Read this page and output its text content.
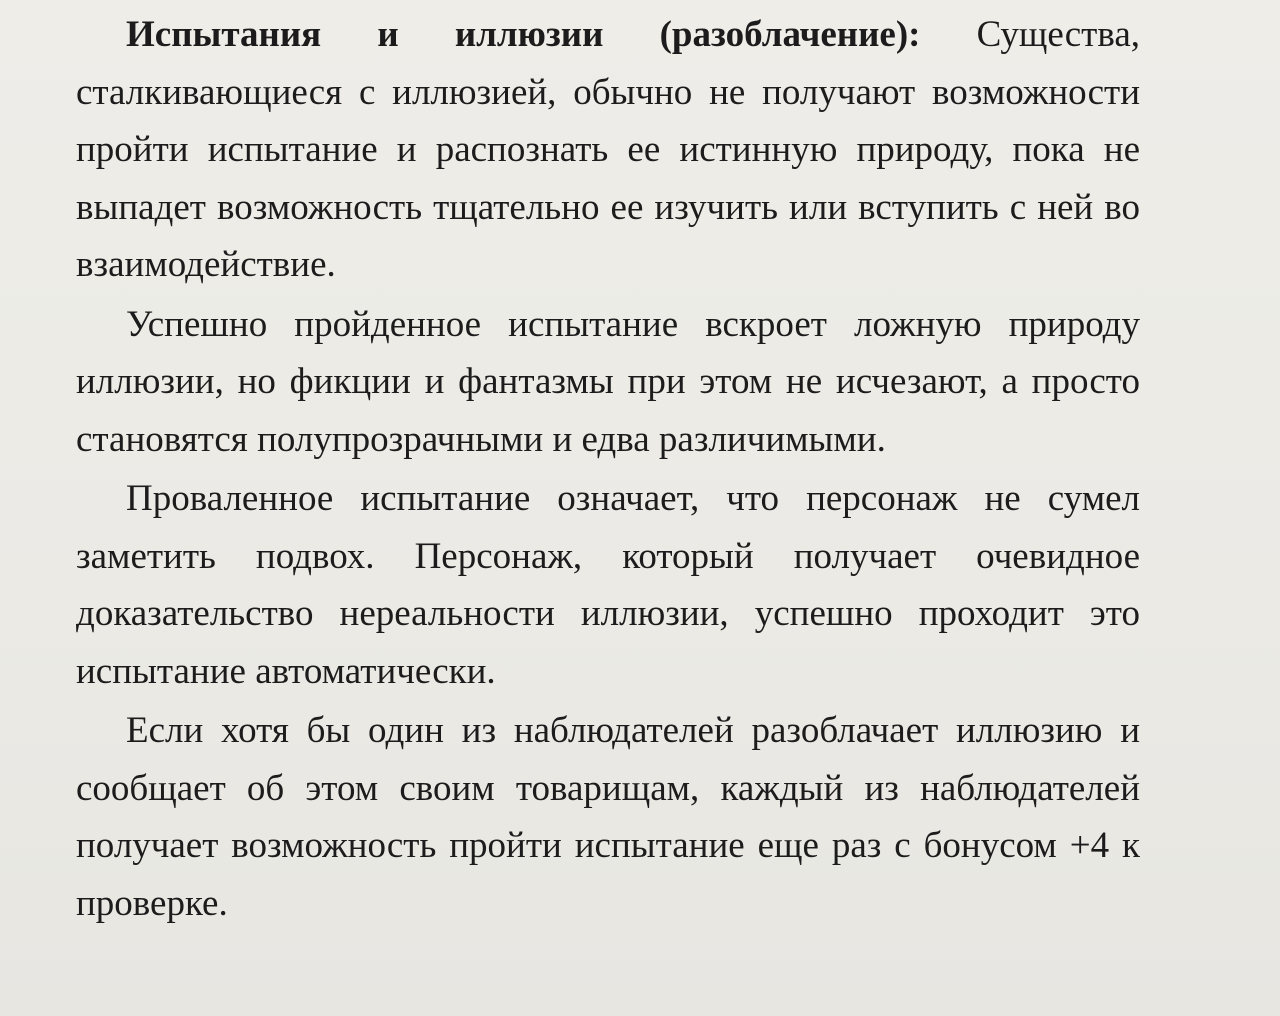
Испытания и иллюзии (разоблачение): Существа, сталкивающиеся с иллюзией, обычно не получают возможности пройти испытание и распознать ее истинную природу, пока не выпадет возможность тщательно ее изучить или вступить с ней во взаимодействие.

Успешно пройденное испытание вскроет ложную природу иллюзии, но фикции и фантазмы при этом не исчезают, а просто становятся полупрозрачными и едва различимыми.

Проваленное испытание означает, что персонаж не сумел заметить подвох. Персонаж, который получает очевидное доказательство нереальности иллюзии, успешно проходит это испытание автоматически.

Если хотя бы один из наблюдателей разоблачает иллюзию и сообщает об этом своим товарищам, каждый из наблюдателей получает возможность пройти испытание еще раз с бонусом +4 к проверке.
